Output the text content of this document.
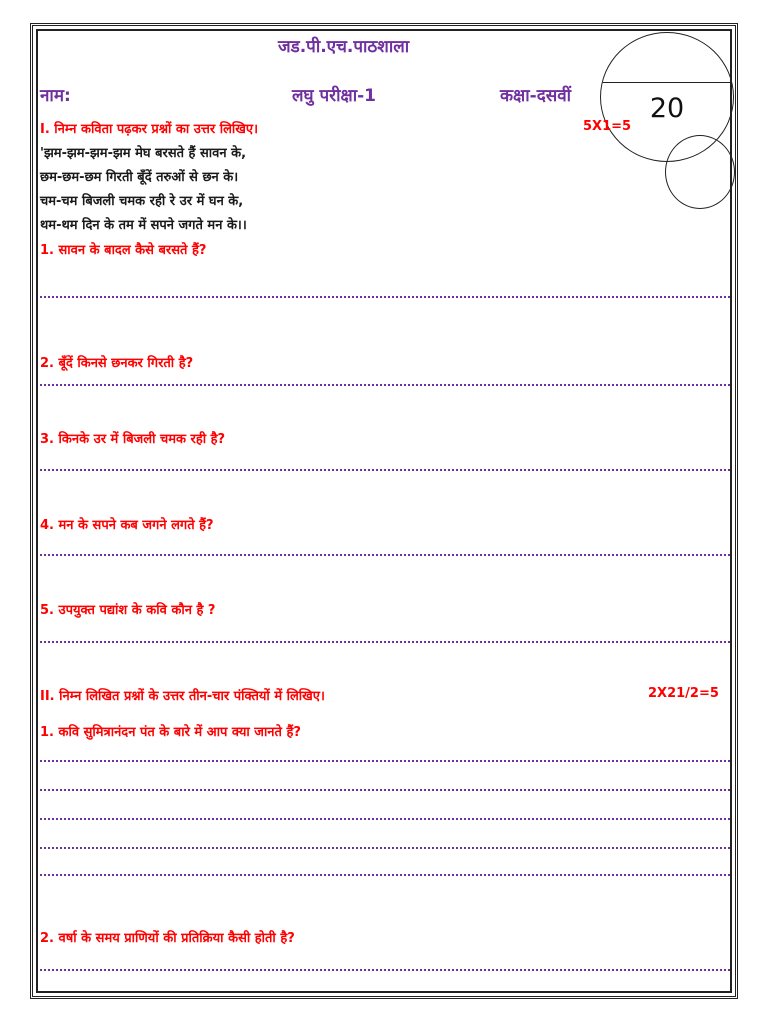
जड.पी.एच.पाठशाला
नाम:	लघु परीक्षा-1	कक्षा-दसवीं	20
I. निम्न कविता पढ़कर प्रश्नों का उत्तर लिखिए।	5X1=5
'झम-झम-झम-झम मेघ बरसते हैं सावन के,
छम-छम-छम गिरती बूँदें तरुओं से छन के।
चम-चम बिजली चमक रही रे उर में घन के,
थम-थम दिन के तम में सपने जगते मन के।।
1. सावन के बादल कैसे बरसते हैं?
2. बूँदें किनसे छनकर गिरती है?
3. किनके उर में बिजली चमक रही है?
4. मन के सपने कब जगने लगते हैं?
5. उपयुक्त पद्यांश के कवि कौन है ?
II. निम्न लिखित प्रश्नों के उत्तर तीन-चार पंक्तियों में लिखिए।	2X21/2=5
1. कवि सुमित्रानंदन पंत के बारे में आप क्या जानते हैं?
2. वर्षा के समय प्राणियों की प्रतिक्रिया कैसी होती है?
